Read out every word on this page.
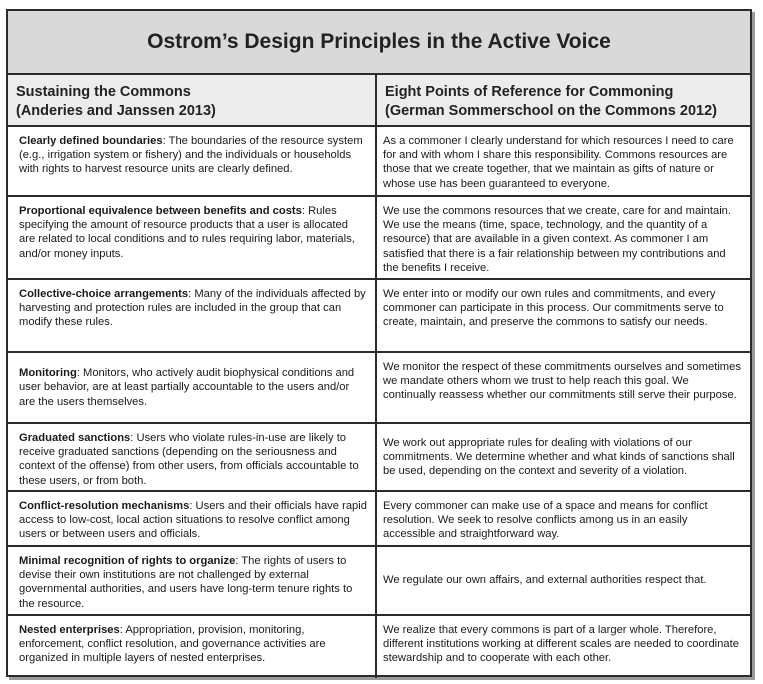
Ostrom’s Design Principles in the Active Voice
Sustaining the Commons
(Anderies and Janssen 2013)
Eight Points of Reference for Commoning
(German Sommerschool on the Commons 2012)
Clearly defined boundaries: The boundaries of the resource system (e.g., irrigation system or fishery) and the individuals or households with rights to harvest resource units are clearly defined.
As a commoner I clearly understand for which resources I need to care for and with whom I share this responsibility. Commons resources are those that we create together, that we maintain as gifts of nature or whose use has been guaranteed to everyone.
Proportional equivalence between benefits and costs: Rules specifying the amount of resource products that a user is allocated are related to local conditions and to rules requiring labor, materials, and/or money inputs.
We use the commons resources that we create, care for and maintain. We use the means (time, space, technology, and the quantity of a resource) that are available in a given context. As commoner I am satisfied that there is a fair relationship between my contributions and the benefits I receive.
Collective-choice arrangements: Many of the individuals affected by harvesting and protection rules are included in the group that can modify these rules.
We enter into or modify our own rules and commitments, and every commoner can participate in this process. Our commitments serve to create, maintain, and preserve the commons to satisfy our needs.
Monitoring: Monitors, who actively audit biophysical conditions and user behavior, are at least partially accountable to the users and/or are the users themselves.
We monitor the respect of these commitments ourselves and sometimes we mandate others whom we trust to help reach this goal. We continually reassess whether our commitments still serve their purpose.
Graduated sanctions: Users who violate rules-in-use are likely to receive graduated sanctions (depending on the seriousness and context of the offense) from other users, from officials accountable to these users, or from both.
We work out appropriate rules for dealing with violations of our commitments. We determine whether and what kinds of sanctions shall be used, depending on the context and severity of a violation.
Conflict-resolution mechanisms: Users and their officials have rapid access to low-cost, local action situations to resolve conflict among users or between users and officials.
Every commoner can make use of a space and means for conflict resolution. We seek to resolve conflicts among us in an easily accessible and straightforward way.
Minimal recognition of rights to organize: The rights of users to devise their own institutions are not challenged by external governmental authorities, and users have long-term tenure rights to the resource.
We regulate our own affairs, and external authorities respect that.
Nested enterprises: Appropriation, provision, monitoring, enforcement, conflict resolution, and governance activities are organized in multiple layers of nested enterprises.
We realize that every commons is part of a larger whole. Therefore, different institutions working at different scales are needed to coordinate stewardship and to cooperate with each other.
